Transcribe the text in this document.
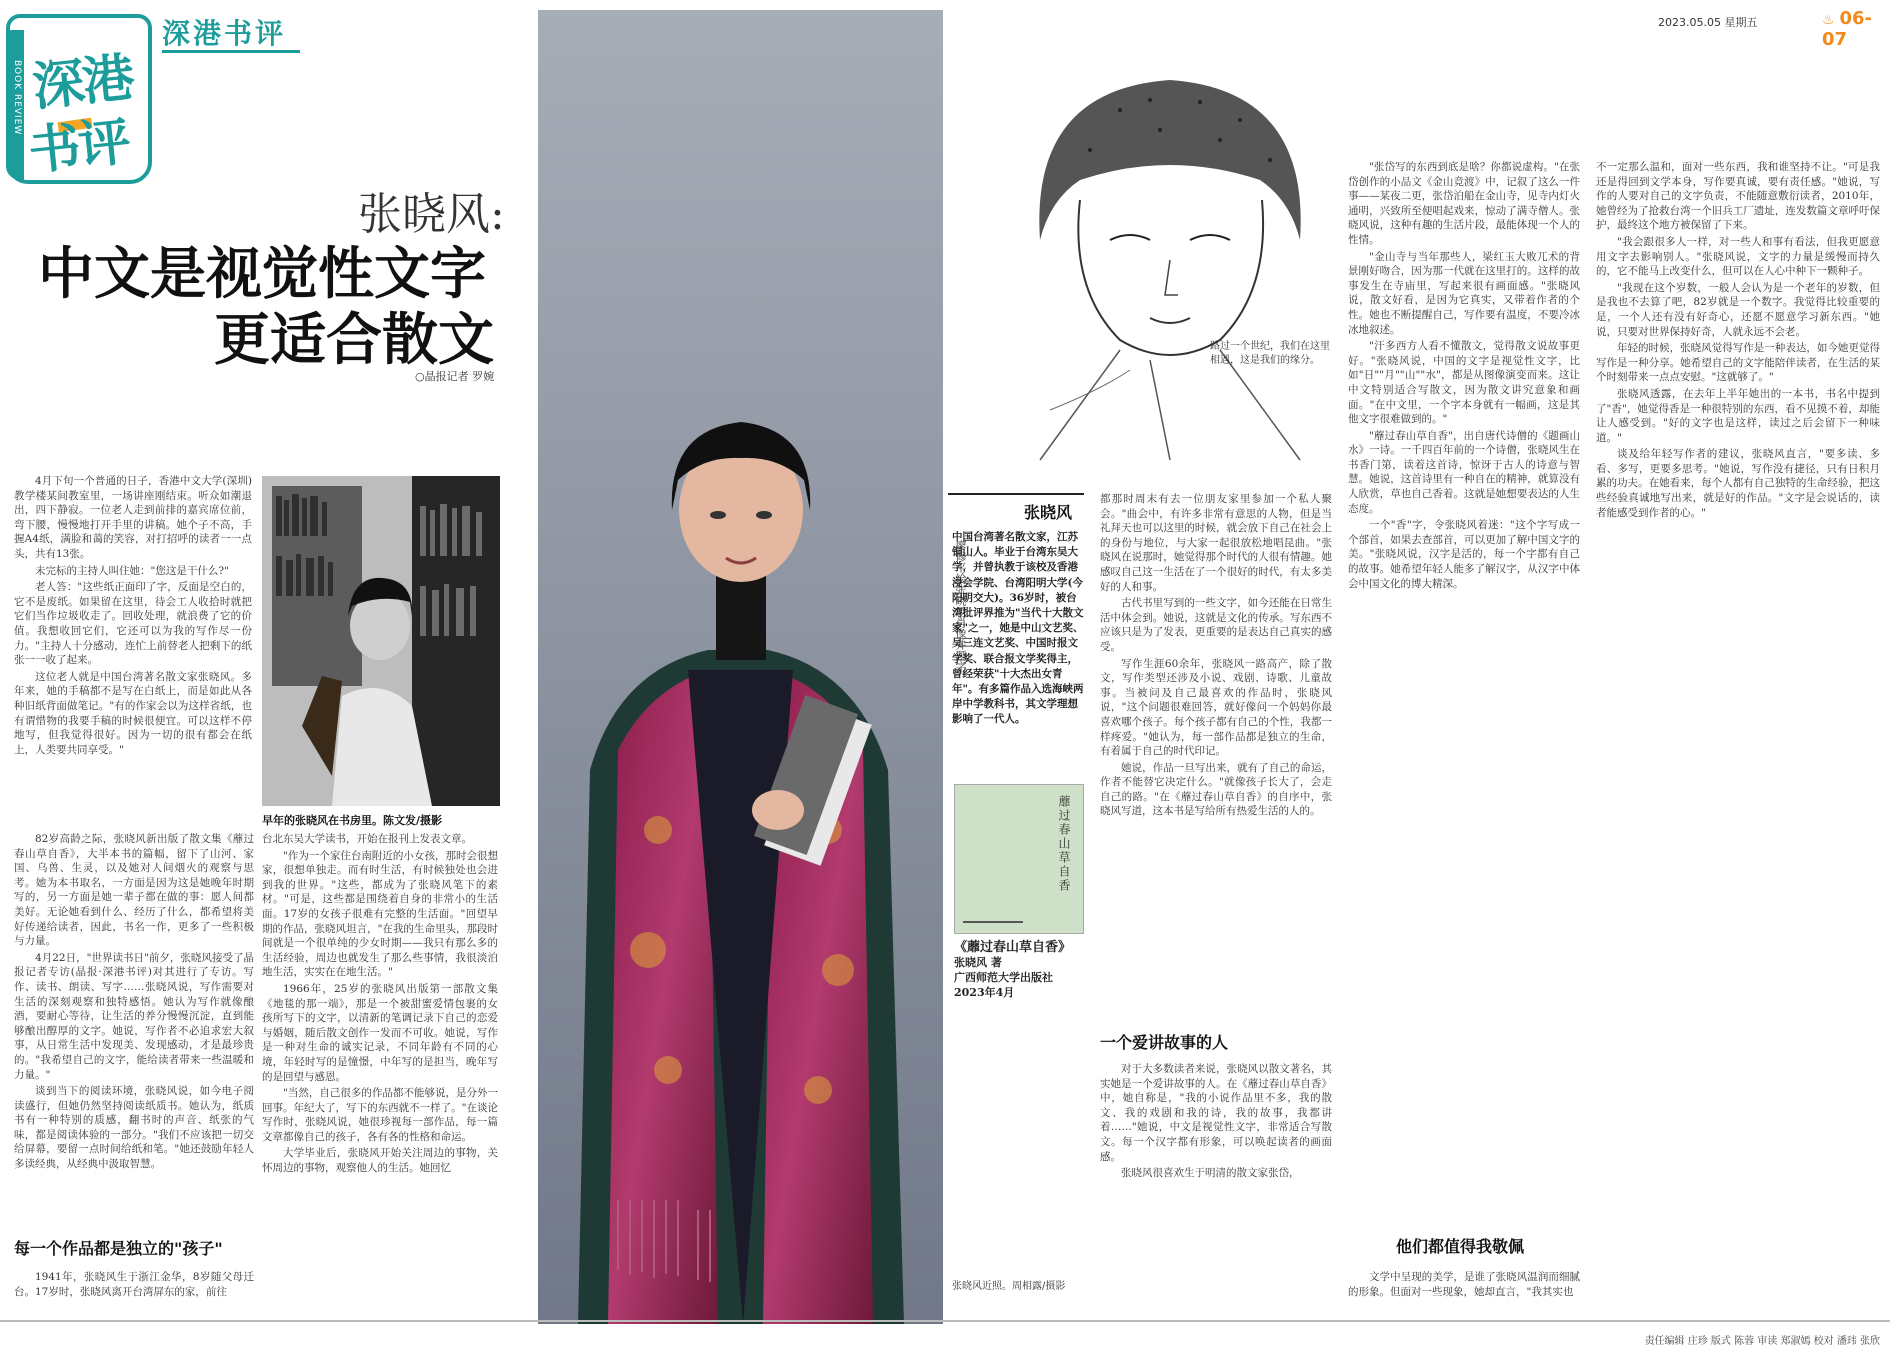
BOOK REVIEW 深港
书评
深港书评	2023.05.05 星期五	♨ 06-07
张晓风:
中文是视觉性文字
更适合散文
○晶报记者 罗婉

4月下旬一个普通的日子，香港中文大学(深圳)教学楼某间教室里，一场讲座刚结束。听众如潮退出，四下静寂。一位老人走到前排的嘉宾席位前，弯下腰，慢慢地打开手里的讲稿。她个子不高，手握A4纸，满脸和蔼的笑容，对打招呼的读者一一点头，共有13张。

未完标的主持人叫住她："您这是干什么?"

老人答："这些纸正面印了字，反面是空白的，它不是废纸。如果留在这里，待会工人收拾时就把它们当作垃圾收走了。回收处理，就浪费了它的价值。我想收回它们，它还可以为我的写作尽一份力。"主持人十分感动，连忙上前替老人把剩下的纸张一一收了起来。

这位老人就是中国台湾著名散文家张晓风。多年来，她的手稿都不是写在白纸上，而是如此从各种旧纸背面做笔记。"有的作家会以为这样省纸，也有谓惜物的我要手稿的时候很便宜。可以这样不停地写，但我觉得很好。因为一切的很有都会在纸上，人类要共同享受。"

早年的张晓风在书房里。陈文发/摄影

82岁高龄之际，张晓风新出版了散文集《蘼过春山草自香》，大半本书的篇幅，留下了山河、家国、乌兽、生灵，以及她对人间烟火的观察与思考。她为本书取名，一方面是因为这是她晚年时期写的，另一方面是她一辈子都在做的事：愿人间都美好。无论她看到什么、经历了什么，都希望将美好传递给读者，因此，书名一作，更多了一些积极与力量。

4月22日，"世界读书日"前夕，张晓风接受了晶报记者专访(晶报·深港书评)对其进行了专访。写作、读书、朗读、写字……张晓风说，写作需要对生活的深刻观察和独特感悟。她认为写作就像酿酒，要耐心等待，让生活的养分慢慢沉淀，直到能够酿出醇厚的文字。她说，写作者不必追求宏大叙事，从日常生活中发现美、发现感动，才是最珍贵的。"我希望自己的文字，能给读者带来一些温暖和力量。"

谈到当下的阅读环境，张晓风说，如今电子阅读盛行，但她仍然坚持阅读纸质书。她认为，纸质书有一种特别的质感，翻书时的声音、纸张的气味，都是阅读体验的一部分。"我们不应该把一切交给屏幕，要留一点时间给纸和笔。"她还鼓励年轻人多读经典，从经典中汲取智慧。

每一个作品都是独立的"孩子"

1941年，张晓风生于浙江金华，8岁随父母迁台。17岁时，张晓风离开台湾屏东的家，前往

台北东吴大学读书，开始在报刊上发表文章。

"作为一个家住台南附近的小女孩，那时会很想家，很想单独走。而有时生活，有时候独处也会进到我的世界。"这些，都成为了张晓风笔下的素材。"可是，这些都是围绕着自身的非常小的生活面。17岁的女孩子很难有完整的生活面。"回望早期的作品，张晓风坦言，"在我的生命里头，那段时间就是一个很单纯的少女时期——我只有那么多的生活经验，周边也就发生了那么些事情，我很淡泊地生活，实实在在地生活。"

1966年，25岁的张晓风出版第一部散文集《地毯的那一端》，那是一个被甜蜜爱情包裹的女孩所写下的文字，以清新的笔调记录下自己的恋爱与婚姻，随后散文创作一发而不可收。她说，写作是一种对生命的诚实记录，不同年龄有不同的心境，年轻时写的是憧憬，中年写的是担当，晚年写的是回望与感恩。

"当然，自己很多的作品都不能够说，是分外一回事。年纪大了，写下的东西就不一样了。"在谈论写作时，张晓风说，她很珍视每一部作品，每一篇文章都像自己的孩子，各有各的性格和命运。

大学毕业后，张晓风开始关注周边的事物，关怀周边的事物，观察他人的生活。她回忆

路过一个世纪，我们在这里相遇，这是我们的缘分。
廖修平绘张晓风肖像并题字。
张晓风
中国台湾著名散文家，江苏铜山人。毕业于台湾东吴大学，并曾执教于该校及香港浸会学院、台湾阳明大学(今阳明交大)。36岁时，被台湾批评界推为"当代十大散文家"之一，她是中山文艺奖、吴三连文艺奖、中国时报文学奖、联合报文学奖得主，曾经荣获"十大杰出女青年"。有多篇作品入选海峡两岸中学教科书，其文学理想影响了一代人。
蘼过春山草自香
《蘼过春山草自香》
张晓风 著
广西师范大学出版社
2023年4月
张晓风近照。周相露/摄影

都那时周末有去一位朋友家里参加一个私人聚会。"曲会中，有许多非常有意思的人物，但是当礼拜天也可以这里的时候，就会放下自己在社会上的身份与地位，与大家一起很放松地唱昆曲。"张晓风在说那时，她觉得那个时代的人很有情趣。她感叹自己这一生活在了一个很好的时代，有太多美好的人和事。

古代书里写到的一些文字，如今还能在日常生活中体会到。她说，这就是文化的传承。写东西不应该只是为了发表，更重要的是表达自己真实的感受。

写作生涯60余年，张晓风一路高产，除了散文，写作类型还涉及小说、戏剧、诗歌、儿童故事。当被问及自己最喜欢的作品时，张晓风说，"这个问题很难回答，就好像问一个妈妈你最喜欢哪个孩子。每个孩子都有自己的个性，我都一样疼爱。"她认为，每一部作品都是独立的生命，有着属于自己的时代印记。

她说，作品一旦写出来，就有了自己的命运，作者不能替它决定什么。"就像孩子长大了，会走自己的路。"在《蘼过春山草自香》的自序中，张晓风写道，这本书是写给所有热爱生活的人的。

一个爱讲故事的人

对于大多数读者来说，张晓风以散文著名，其实她是一个爱讲故事的人。在《蘼过春山草自香》中，她自称是，"我的小说作品里不多，我的散文、我的戏剧和我的诗，我的故事，我都讲着……"她说，中文是视觉性文字，非常适合写散文。每一个汉字都有形象，可以唤起读者的画面感。

张晓风很喜欢生于明清的散文家张岱，

"张岱写的东西到底是啥？你都说虚构。"在张岱创作的小品文《金山竞渡》中，记叙了这么一件事——某夜二更，张岱泊船在金山寺，见寺内灯火通明，兴致所至便唱起戏来，惊动了满寺僧人。张晓风说，这种有趣的生活片段，最能体现一个人的性情。

"金山寺与当年那些人，梁红玉大败兀术的背景刚好吻合，因为那一代就在这里打的。这样的故事发生在寺庙里，写起来很有画面感。"张晓风说，散文好看，是因为它真实，又带着作者的个性。她也不断提醒自己，写作要有温度，不要冷冰冰地叙述。

"汗多西方人看不懂散文，觉得散文说故事更好。"张晓风说，中国的文字是视觉性文字，比如"日""月""山""水"，都是从图像演变而来。这让中文特别适合写散文，因为散文讲究意象和画面。"在中文里，一个字本身就有一幅画，这是其他文字很难做到的。"

"蘼过春山草自香"，出自唐代诗僧的《题画山水》一诗。一千四百年前的一个诗僧，张晓风生在书香门第，读着这首诗，惊讶于古人的诗意与智慧。她说，这首诗里有一种自在的精神，就算没有人欣赏，草也自己香着。这就是她想要表达的人生态度。

一个"香"字，令张晓风着迷："这个字写成一个部首，如果去查部首，可以更加了解中国文字的美。"张晓风说，汉字是活的，每一个字都有自己的故事。她希望年轻人能多了解汉字，从汉字中体会中国文化的博大精深。

他们都值得我敬佩

文学中呈现的美学，是谁了张晓风温润而细腻的形象。但面对一些现象，她却直言，"我其实也

不一定那么温和，面对一些东西，我和谁坚持不让。"可是我还是得回到文学本身，写作要真诚，要有责任感。"她说，写作的人要对自己的文字负责，不能随意敷衍读者，2010年，她曾经为了抢救台湾一个旧兵工厂遗址，连发数篇文章呼吁保护，最终这个地方被保留了下来。

"我会跟很多人一样，对一些人和事有看法，但我更愿意用文字去影响别人。"张晓风说，文字的力量是缓慢而持久的，它不能马上改变什么，但可以在人心中种下一颗种子。

"我现在这个岁数，一般人会认为是一个老年的岁数，但是我也不去算了吧，82岁就是一个数字。我觉得比较重要的是，一个人还有没有好奇心，还愿不愿意学习新东西。"她说，只要对世界保持好奇，人就永远不会老。

年轻的时候，张晓风觉得写作是一种表达，如今她更觉得写作是一种分享。她希望自己的文字能陪伴读者，在生活的某个时刻带来一点点安慰。"这就够了。"

张晓风透露，在去年上半年她出的一本书，书名中提到了"香"，她觉得香是一种很特别的东西，看不见摸不着，却能让人感受到。"好的文字也是这样，读过之后会留下一种味道。"

谈及给年轻写作者的建议，张晓风直言，"要多读、多看、多写，更要多思考。"她说，写作没有捷径，只有日积月累的功夫。在她看来，每个人都有自己独特的生命经验，把这些经验真诚地写出来，就是好的作品。"文字是会说话的，读者能感受到作者的心。"

责任编辑 庄珍 版式 陈蓉 审读 郑淑嫣 校对 潘玮 张欣
